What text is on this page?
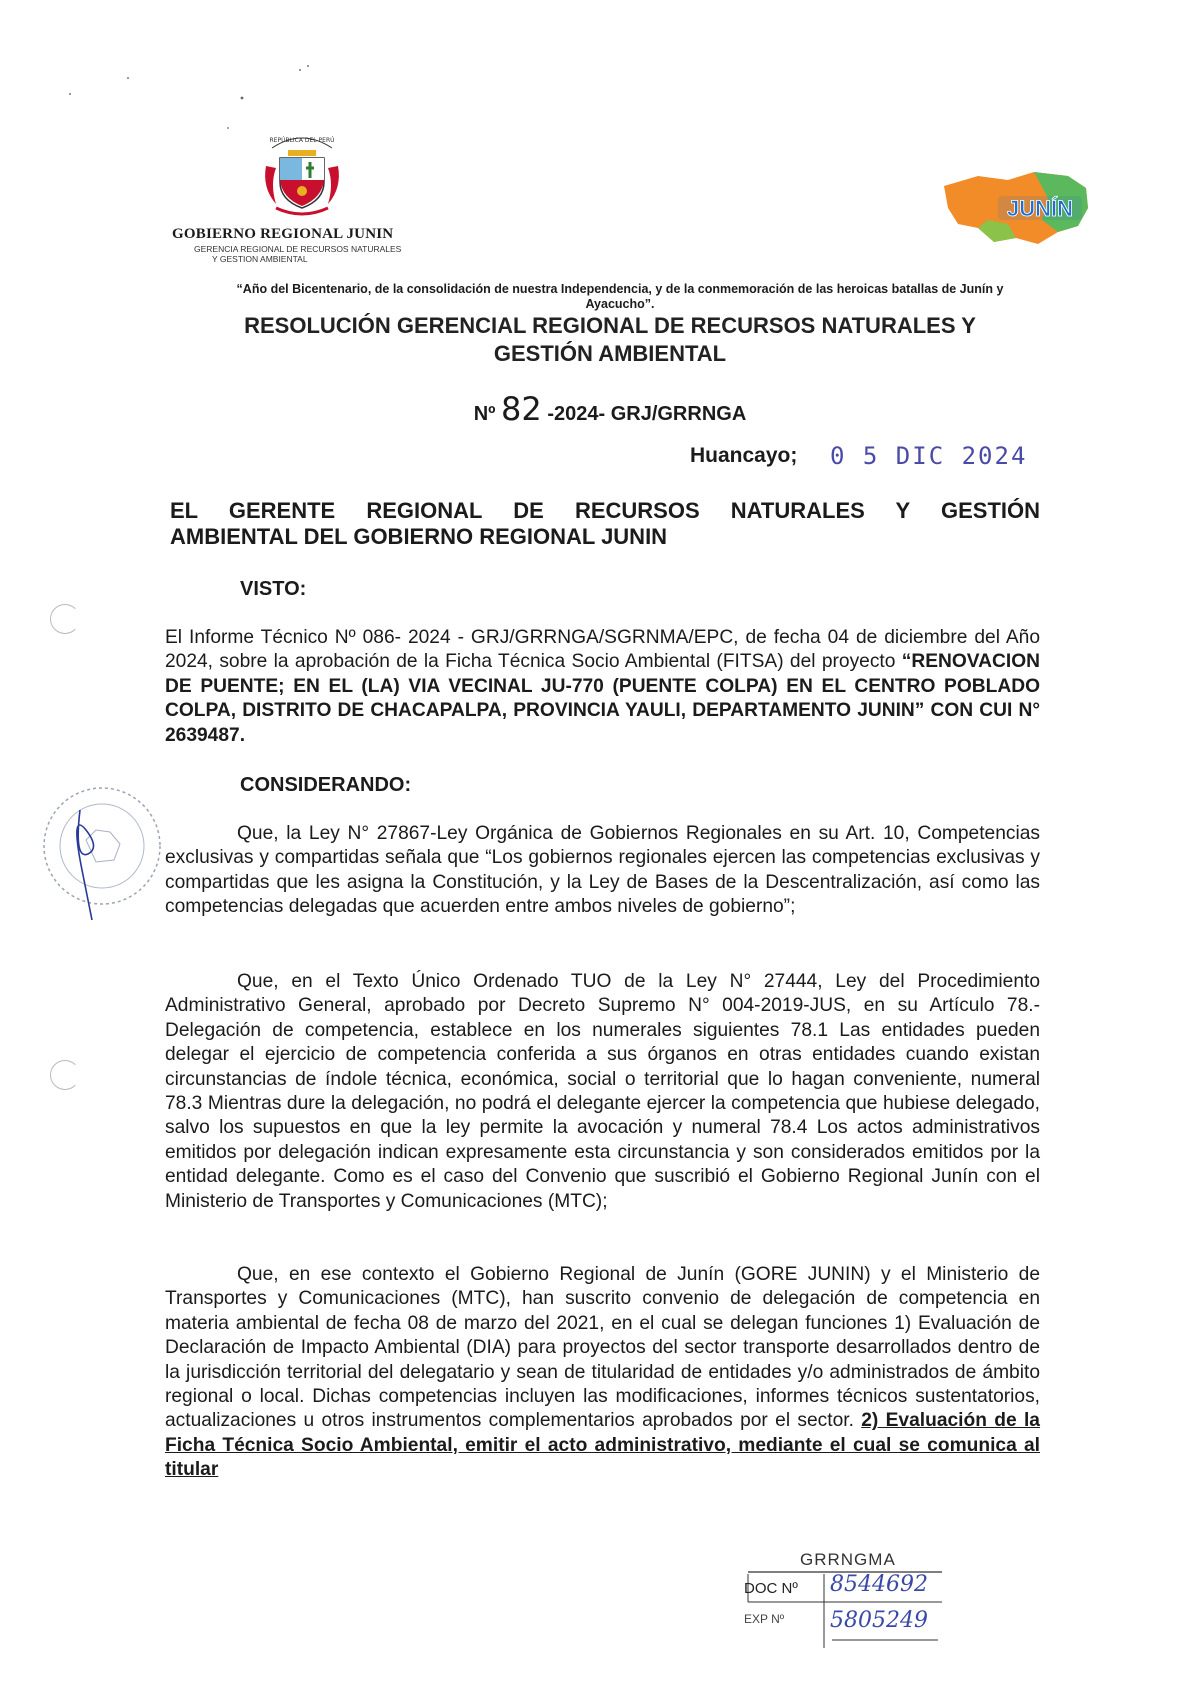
REPÚBLICA DEL PERÚ
GOBIERNO REGIONAL JUNIN
GERENCIA REGIONAL DE RECURSOS NATURALES
Y GESTION AMBIENTAL
JUNÍN
“Año del Bicentenario, de la consolidación de nuestra Independencia, y de la conmemoración de las heroicas batallas de Junín y
Ayacucho”.
RESOLUCIÓN GERENCIAL REGIONAL DE RECURSOS NATURALES Y
GESTIÓN AMBIENTAL
Nº 82 -2024- GRJ/GRRNGA
Huancayo; 0 5 DIC 2024
EL GERENTE REGIONAL DE RECURSOS NATURALES Y GESTIÓN
AMBIENTAL DEL GOBIERNO REGIONAL JUNIN
VISTO:
El Informe Técnico Nº 086- 2024 - GRJ/GRRNGA/SGRNMA/EPC, de fecha 04 de diciembre del Año 2024, sobre la aprobación de la Ficha Técnica Socio Ambiental (FITSA) del proyecto “RENOVACION DE PUENTE; EN EL (LA) VIA VECINAL JU-770 (PUENTE COLPA) EN EL CENTRO POBLADO COLPA, DISTRITO DE CHACAPALPA, PROVINCIA YAULI, DEPARTAMENTO JUNIN” CON CUI N° 2639487.
CONSIDERANDO:
Que, la Ley N° 27867-Ley Orgánica de Gobiernos Regionales en su Art. 10, Competencias exclusivas y compartidas señala que “Los gobiernos regionales ejercen las competencias exclusivas y compartidas que les asigna la Constitución, y la Ley de Bases de la Descentralización, así como las competencias delegadas que acuerden entre ambos niveles de gobierno”;
Que, en el Texto Único Ordenado TUO de la Ley N° 27444, Ley del Procedimiento Administrativo General, aprobado por Decreto Supremo N° 004-2019-JUS, en su Artículo 78.- Delegación de competencia, establece en los numerales siguientes 78.1 Las entidades pueden delegar el ejercicio de competencia conferida a sus órganos en otras entidades cuando existan circunstancias de índole técnica, económica, social o territorial que lo hagan conveniente, numeral 78.3 Mientras dure la delegación, no podrá el delegante ejercer la competencia que hubiese delegado, salvo los supuestos en que la ley permite la avocación y numeral 78.4 Los actos administrativos emitidos por delegación indican expresamente esta circunstancia y son considerados emitidos por la entidad delegante. Como es el caso del Convenio que suscribió el Gobierno Regional Junín con el Ministerio de Transportes y Comunicaciones (MTC);
Que, en ese contexto el Gobierno Regional de Junín (GORE JUNIN) y el Ministerio de Transportes y Comunicaciones (MTC), han suscrito convenio de delegación de competencia en materia ambiental de fecha 08 de marzo del 2021, en el cual se delegan funciones 1) Evaluación de Declaración de Impacto Ambiental (DIA) para proyectos del sector transporte desarrollados dentro de la jurisdicción territorial del delegatario y sean de titularidad de entidades y/o administrados de ámbito regional o local. Dichas competencias incluyen las modificaciones, informes técnicos sustentatorios, actualizaciones u otros instrumentos complementarios aprobados por el sector. 2) Evaluación de la Ficha Técnica Socio Ambiental, emitir el acto administrativo, mediante el cual se comunica al titular
GRRNGMA
DOC Nº 8544692
EXP Nº 5805249
